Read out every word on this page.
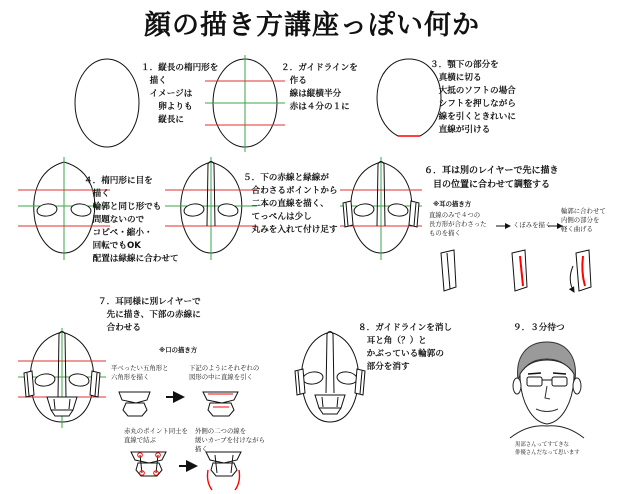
顔の描き方講座っぽい何か
１．縦長の楕円形を
　描く
　イメージは
　　卵よりも
　　縦長に
２．ガイドラインを
　作る
　線は縦横半分
　赤は４分の１に
３．顎下の部分を
　真横に切る
　大抵のソフトの場合
　シフトを押しながら
　線を引くときれいに
　直線が引ける
４．楕円形に目を
　描く
　輪郭と同じ形でも
　問題ないので
　コピペ・縮小・
　回転でもOK
　配置は緑線に合わせて
５．下の赤線と緑線が
　合わさるポイントから
　二本の直線を描く、
　てっぺんは少し
　丸みを入れて付け足す
６．耳は別のレイヤーで先に描き
　目の位置に合わせて調整する
７．耳同様に別レイヤーで
　先に描き、下部の赤線に
　合わせる	８．ガイドラインを消し
　耳と角（？）と
　かぶっている輪郭の
　部分を消す
９．３分待つ
※耳の描き方
直線のみで４つの
長方形が合わさった
ものを描く
くぼみを描く
輪郭に合わせて
内側の部分を
軽く曲げる
※口の描き方
平べったい五角形と
六角形を描く
下記のようにそれぞれの
図形の中に直線を引く
赤丸のポイント同士を
直線で結ぶ
外側の二つの線を
緩いカーブを付けながら
描く	黒部さんってすてきな
俳優さんだなって思います
